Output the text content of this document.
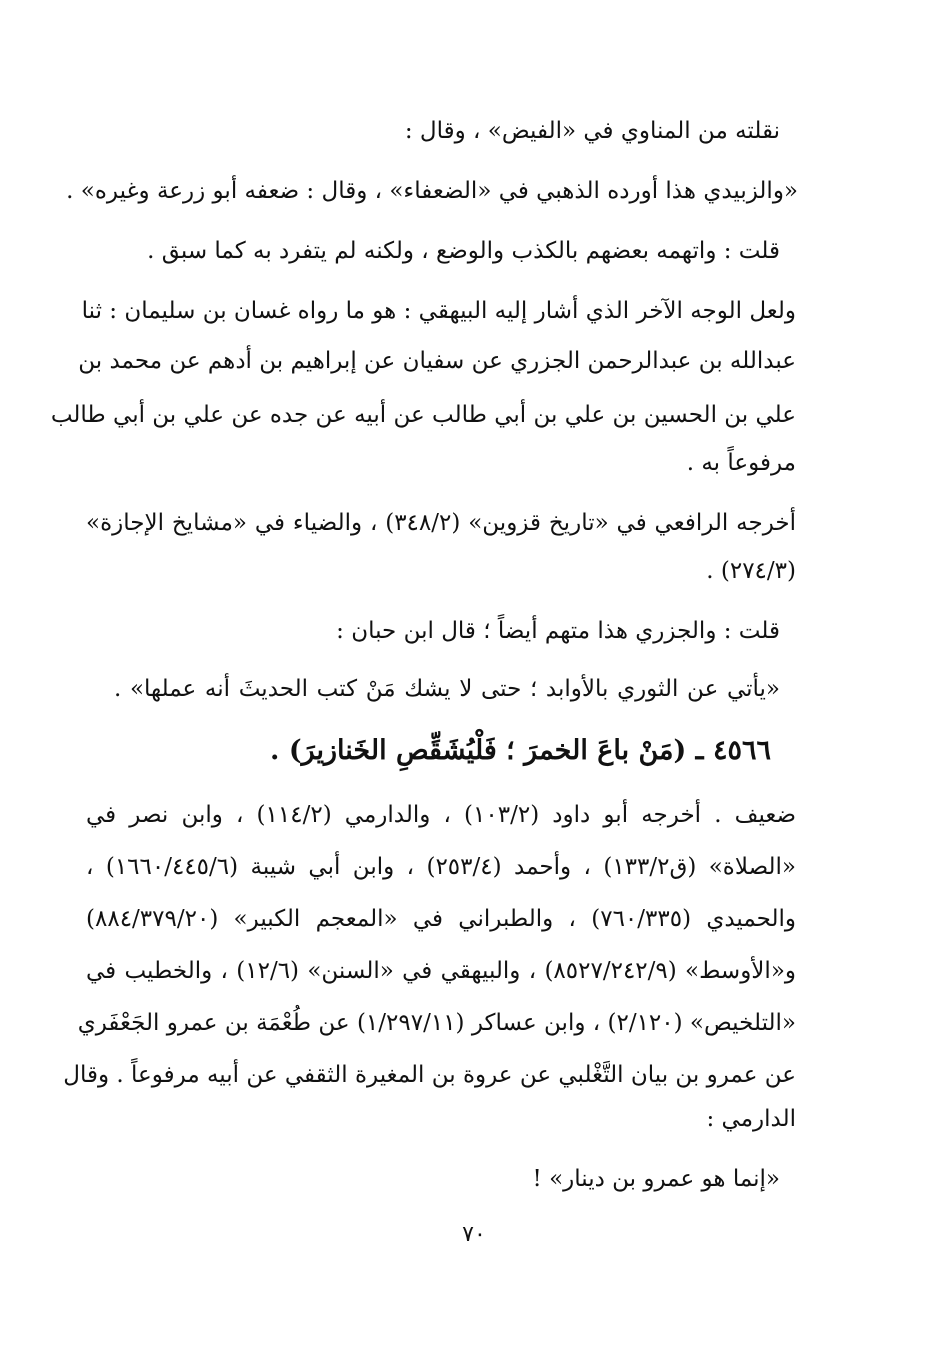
نقلته من المناوي في «الفيض» ، وقال :
«والزبيدي هذا أورده الذهبي في «الضعفاء» ، وقال : ضعفه أبو زرعة وغيره» .
قلت : واتهمه بعضهم بالكذب والوضع ، ولكنه لم يتفرد به كما سبق .
ولعل الوجه الآخر الذي أشار إليه البيهقي : هو ما رواه غسان بن سليمان : ثنا
عبدالله بن عبدالرحمن الجزري عن سفيان عن إبراهيم بن أدهم عن محمد بن
علي بن الحسين بن علي بن أبي طالب عن أبيه عن جده عن علي بن أبي طالب
مرفوعاً به .
أخرجه الرافعي في «تاريخ قزوين» (٣٤٨/٢) ، والضياء في «مشايخ الإجازة»
(٢٧٤/٣) .
قلت : والجزري هذا متهم أيضاً ؛ قال ابن حبان :
«يأتي عن الثوري بالأوابد ؛ حتى لا يشك مَنْ كتب الحديثَ أنه عملها» .
٤٥٦٦ ـ (مَنْ باعَ الخمرَ ؛ فَلْيُشَقِّصِ الخَنازيرَ) .
ضعيف . أخرجه أبو داود (١٠٣/٢) ، والدارمي (١١٤/٢) ، وابن نصر في
«الصلاة» (ق١٣٣/٢) ، وأحمد (٢٥٣/٤) ، وابن أبي شيبة (١٦٦٠/٤٤٥/٦) ،
والحميدي (٧٦٠/٣٣٥) ، والطبراني في «المعجم الكبير» (٨٨٤/٣٧٩/٢٠)
و«الأوسط» (٨٥٢٧/٢٤٢/٩) ، والبيهقي في «السنن» (١٢/٦) ، والخطيب في
«التلخيص» (٢/١٢٠) ، وابن عساكر (١/٢٩٧/١١) عن طُعْمَة بن عمرو الجَعْفَري
عن عمرو بن بيان التَّغْلبي عن عروة بن المغيرة الثقفي عن أبيه مرفوعاً . وقال
الدارمي :
«إنما هو عمرو بن دينار» !
٧٠
